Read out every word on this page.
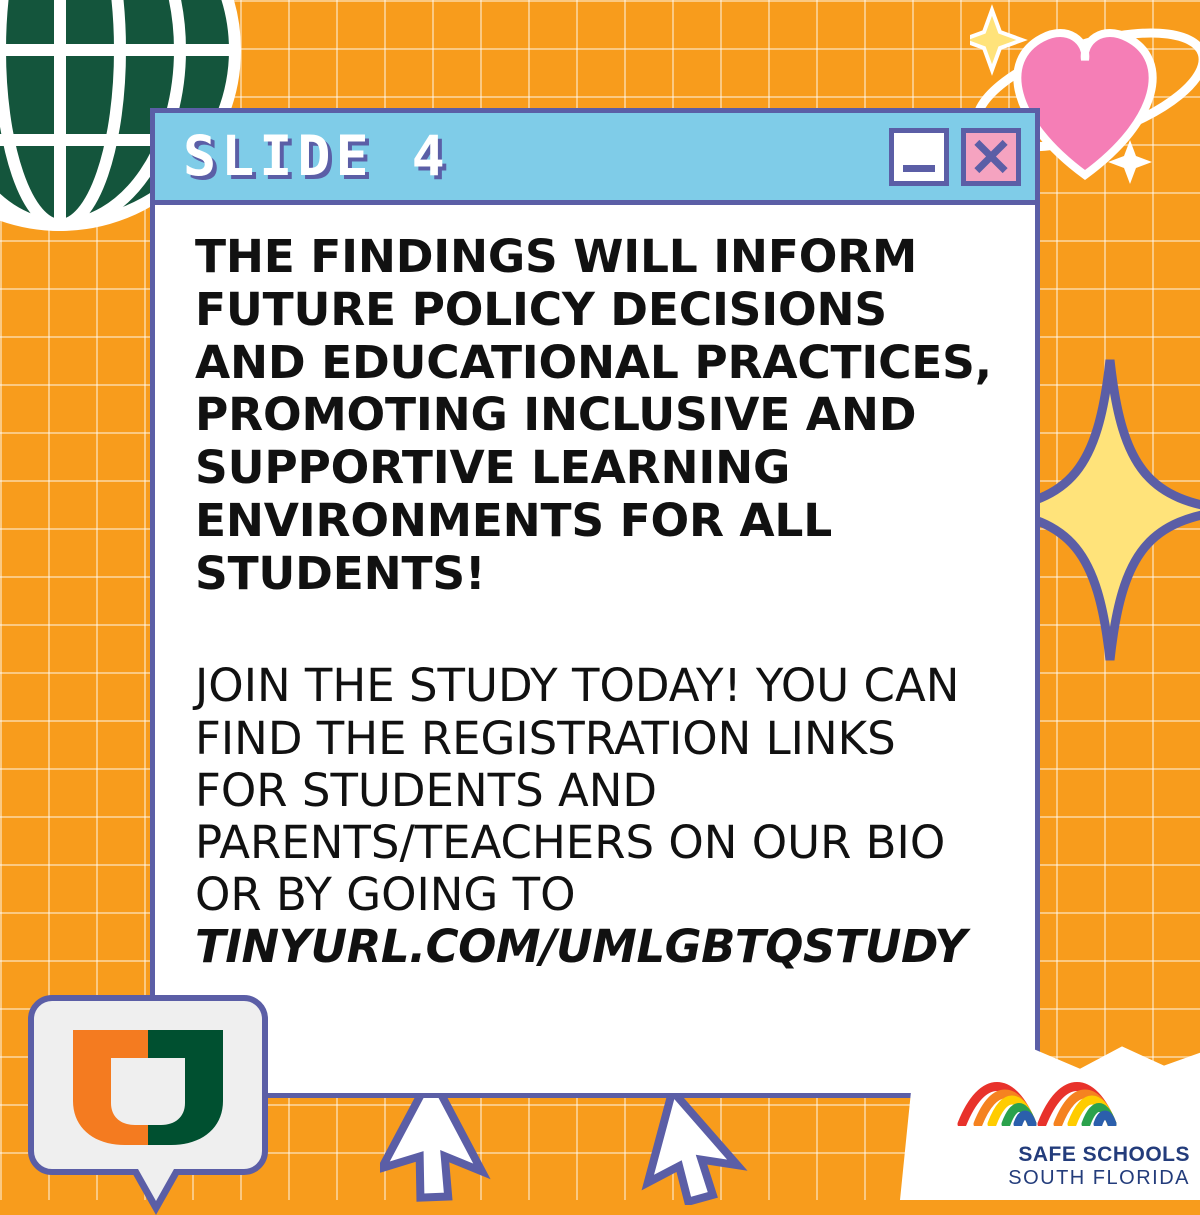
SLIDE 4

THE FINDINGS WILL INFORM FUTURE POLICY DECISIONS AND EDUCATIONAL PRACTICES, PROMOTING INCLUSIVE AND SUPPORTIVE LEARNING ENVIRONMENTS FOR ALL STUDENTS!

JOIN THE STUDY TODAY! YOU CAN FIND THE REGISTRATION LINKS FOR STUDENTS AND PARENTS/TEACHERS ON OUR BIO OR BY GOING TO
TINYURL.COM/UMLGBTQSTUDY

SAFE SCHOOLS
SOUTH FLORIDA
